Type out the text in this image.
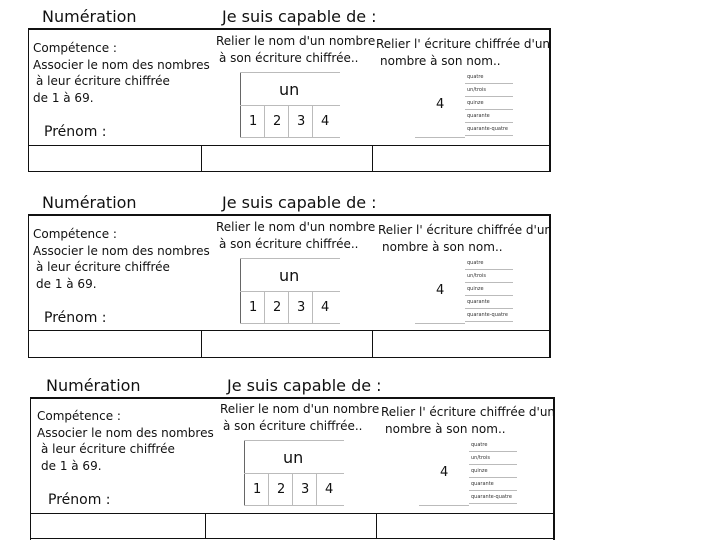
Numération	Je suis capable de :
Compétence :
Associer le nom des nombres
à leur écriture chiffrée
de 1 à 69.
Relier le nom d'un nombre
à son écriture chiffrée..
Relier l' écriture chiffrée d'un
nombre à son nom..
un
1 2 3 4
4
quatre
un/trois
quinze
quarante
quarante-quatre
Prénom :
Numération	Je suis capable de :
Compétence :
Associer le nom des nombres
à leur écriture chiffrée
de 1 à 69.
Relier le nom d'un nombre
à son écriture chiffrée..
Relier l' écriture chiffrée d'un
nombre à son nom..
un
1 2 3 4
4
quatre
un/trois
quinze
quarante
quarante-quatre
Prénom :
Numération	Je suis capable de :
Compétence :
Associer le nom des nombres
à leur écriture chiffrée
de 1 à 69.
Relier le nom d'un nombre
à son écriture chiffrée..
Relier l' écriture chiffrée d'un
nombre à son nom..
un
1 2 3 4
4
quatre
un/trois
quinze
quarante
quarante-quatre
Prénom :
